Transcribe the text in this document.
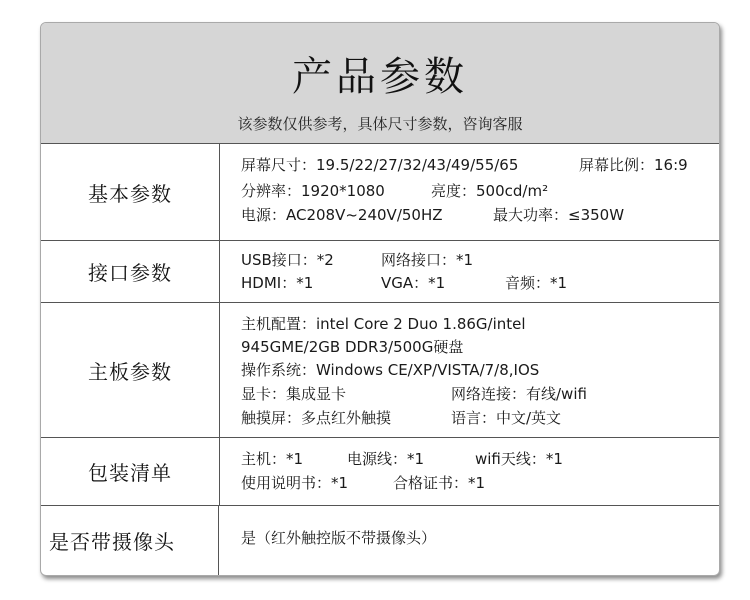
产品参数
该参数仅供参考，具体尺寸参数，咨询客服
基本参数
屏幕尺寸：19.5/22/27/32/43/49/55/65	屏幕比例：16:9
分辨率：1920*1080	亮度：500cd/m²
电源：AC208V~240V/50HZ	最大功率：≤350W
接口参数
USB接口：*2	网络接口：*1
HDMI：*1	VGA：*1	音频：*1
主板参数
主机配置：intel Core 2 Duo 1.86G/intel
945GME/2GB DDR3/500G硬盘
操作系统：Windows CE/XP/VISTA/7/8,IOS
显卡：集成显卡	网络连接：有线/wifi
触摸屏：多点红外触摸	语言：中文/英文
包装清单
主机：*1	电源线：*1	wifi天线：*1
使用说明书：*1	合格证书：*1
是否带摄像头	是（红外触控版不带摄像头）
